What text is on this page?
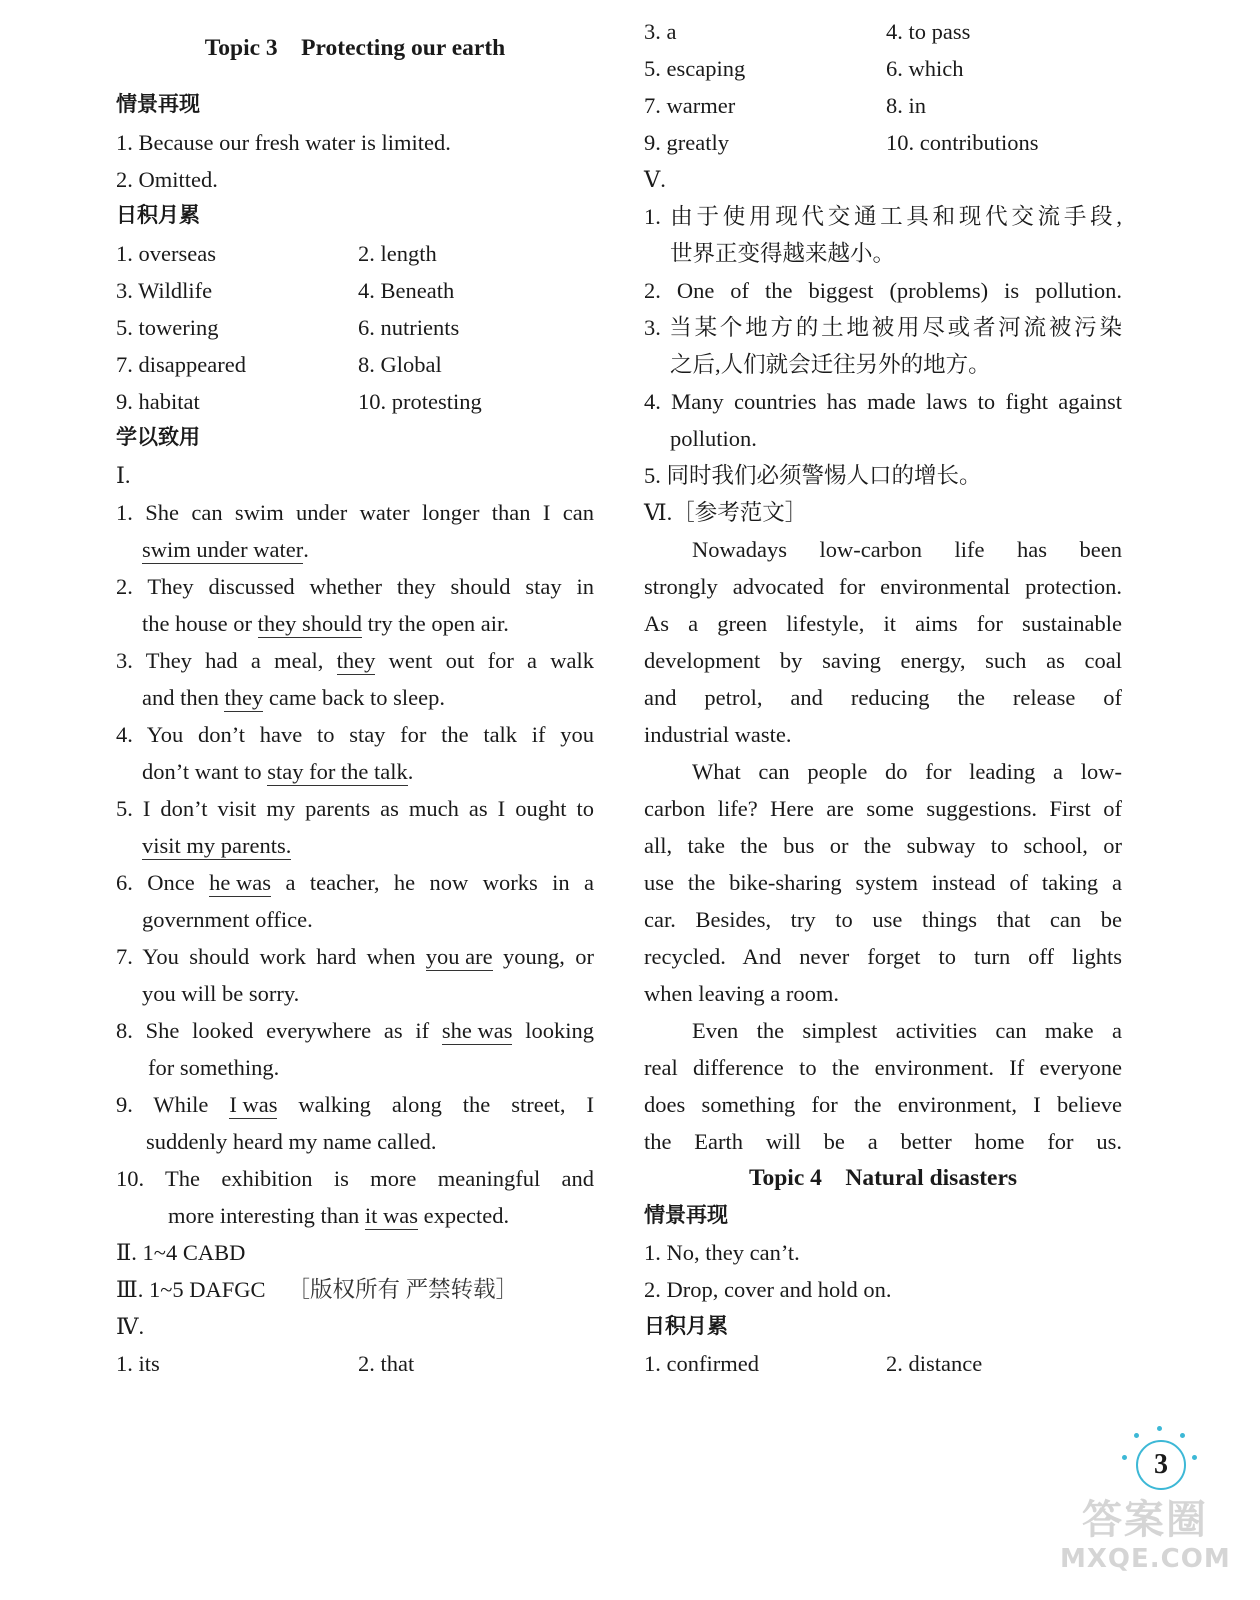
Topic 3 Protecting our earth
情景再现
1. Because our fresh water is limited.
2. Omitted.
日积月累
1. overseas	2. length
3. Wildlife	4. Beneath
5. towering	6. nutrients
7. disappeared	8. Global
9. habitat	10. protesting
学以致用
Ⅰ.
1. She can swim under water longer than I can
swim under water.
2. They discussed whether they should stay in
the house or they should try the open air.
3. They had a meal, they went out for a walk
and then they came back to sleep.
4. You don’t have to stay for the talk if you
don’t want to stay for the talk.
5. I don’t visit my parents as much as I ought to
visit my parents.
6. Once he was a teacher, he now works in a
government office.
7. You should work hard when you are young, or
you will be sorry.
8. She looked everywhere as if she was looking
for something.
9. While I was walking along the street, I
suddenly heard my name called.
10. The exhibition is more meaningful and
more interesting than it was expected.
Ⅱ. 1~4 CABD
Ⅲ. 1~5 DAFGC ［版权所有 严禁转载］
Ⅳ.
1. its	2. that
3. a	4. to pass
5. escaping	6. which
7. warmer	8. in
9. greatly	10. contributions
Ⅴ.
1. 由于使用现代交通工具和现代交流手段,
世界正变得越来越小。
2. One of the biggest (problems) is pollution.
3. 当某个地方的土地被用尽或者河流被污染
之后,人们就会迁往另外的地方。
4. Many countries has made laws to fight against
pollution.
5. 同时我们必须警惕人口的增长。
Ⅵ.［参考范文］
Nowadays low-carbon life has been
strongly advocated for environmental protection.
As a green lifestyle, it aims for sustainable
development by saving energy, such as coal
and petrol, and reducing the release of
industrial waste.
What can people do for leading a low-
carbon life? Here are some suggestions. First of
all, take the bus or the subway to school, or
use the bike-sharing system instead of taking a
car. Besides, try to use things that can be
recycled. And never forget to turn off lights
when leaving a room.
Even the simplest activities can make a
real difference to the environment. If everyone
does something for the environment, I believe
the Earth will be a better home for us.
Topic 4 Natural disasters
情景再现
1. No, they can’t.
2. Drop, cover and hold on.
日积月累
1. confirmed	2. distance
3
答案圈
MXQE.COM
